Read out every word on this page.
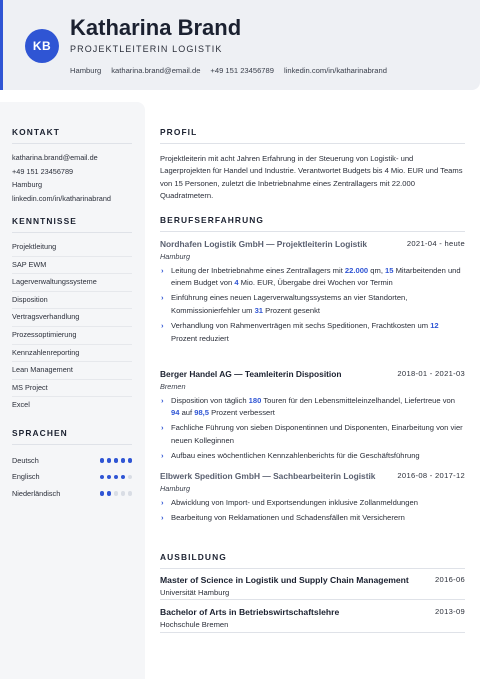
KB
Katharina Brand
PROJEKTLEITERIN LOGISTIK
Hamburg katharina.brand@email.de +49 151 23456789 linkedin.com/in/katharinabrand
KONTAKT
katharina.brand@email.de
+49 151 23456789
Hamburg
linkedin.com/in/katharinabrand
KENNTNISSE
Projektleitung
SAP EWM
Lagerverwaltungssysteme
Disposition
Vertragsverhandlung
Prozessoptimierung
Kennzahlenreporting
Lean Management
MS Project
Excel
SPRACHEN
Deutsch
Englisch
Niederländisch
PROFIL
Projektleiterin mit acht Jahren Erfahrung in der Steuerung von Logistik- und Lagerprojekten für Handel und Industrie. Verantwortet Budgets bis 4 Mio. EUR und Teams von 15 Personen, zuletzt die Inbetriebnahme eines Zentrallagers mit 22.000 Quadratmetern.
BERUFSERFAHRUNG
Nordhafen Logistik GmbH — Projektleiterin Logistik	2021-04 - heute
Hamburg
› Leitung der Inbetriebnahme eines Zentrallagers mit 22.000 qm, 15 Mitarbeitenden und einem Budget von 4 Mio. EUR, Übergabe drei Wochen vor Termin
› Einführung eines neuen Lagerverwaltungssystems an vier Standorten, Kommissionierfehler um 31 Prozent gesenkt
› Verhandlung von Rahmenverträgen mit sechs Speditionen, Frachtkosten um 12 Prozent reduziert
Berger Handel AG — Teamleiterin Disposition	2018-01 - 2021-03
Bremen
› Disposition von täglich 180 Touren für den Lebensmitteleinzelhandel, Liefertreue von 94 auf 98,5 Prozent verbessert
› Fachliche Führung von sieben Disponentinnen und Disponenten, Einarbeitung von vier neuen Kolleginnen
› Aufbau eines wöchentlichen Kennzahlenberichts für die Geschäftsführung
Elbwerk Spedition GmbH — Sachbearbeiterin Logistik	2016-08 - 2017-12
Hamburg
› Abwicklung von Import- und Exportsendungen inklusive Zollanmeldungen
› Bearbeitung von Reklamationen und Schadensfällen mit Versicherern
AUSBILDUNG
Master of Science in Logistik und Supply Chain Management	2016-06
Universität Hamburg
Bachelor of Arts in Betriebswirtschaftslehre	2013-09
Hochschule Bremen
